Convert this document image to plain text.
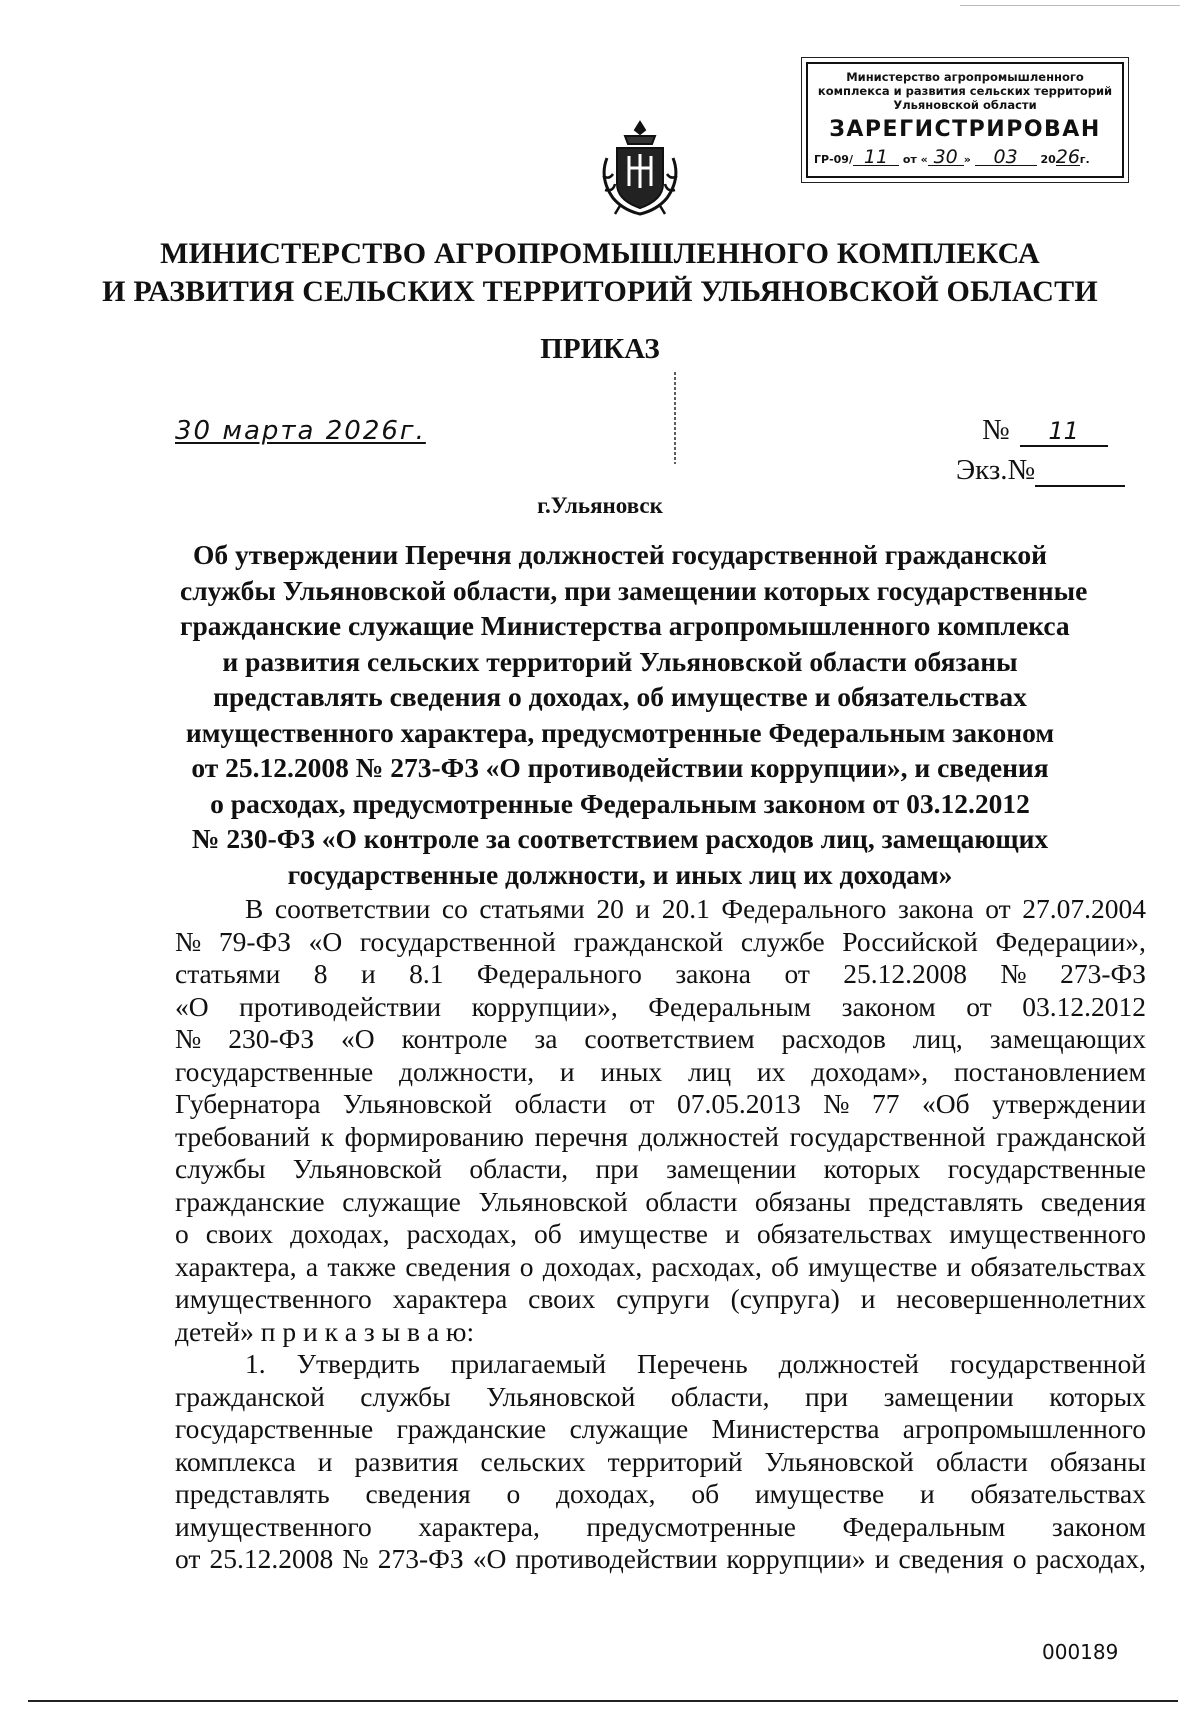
Министерство агропромышленного
комплекса и развития сельских территорий
Ульяновской области
ЗАРЕГИСТРИРОВАН
ГР-09/ 11 от « 30 » 03 2026г.
МИНИСТЕРСТВО АГРОПРОМЫШЛЕННОГО КОМПЛЕКСА
И РАЗВИТИЯ СЕЛЬСКИХ ТЕРРИТОРИЙ УЛЬЯНОВСКОЙ ОБЛАСТИ
ПРИКАЗ
30 марта 2026г.	№ 11
Экз.№
г.Ульяновск
Об утверждении Перечня должностей государственной гражданской
службы Ульяновской области, при замещении которых государственные
гражданские служащие Министерства агропромышленного комплекса
и развития сельских территорий Ульяновской области обязаны
представлять сведения о доходах, об имуществе и обязательствах
имущественного характера, предусмотренные Федеральным законом
от 25.12.2008 № 273-ФЗ «О противодействии коррупции», и сведения
о расходах, предусмотренные Федеральным законом от 03.12.2012
№ 230-ФЗ «О контроле за соответствием расходов лиц, замещающих
государственные должности, и иных лиц их доходам»
В соответствии со статьями 20 и 20.1 Федерального закона от 27.07.2004
№ 79-ФЗ «О государственной гражданской службе Российской Федерации»,
статьями 8 и 8.1 Федерального закона от 25.12.2008 № 273-ФЗ
«О противодействии коррупции», Федеральным законом от 03.12.2012
№ 230-ФЗ «О контроле за соответствием расходов лиц, замещающих
государственные должности, и иных лиц их доходам», постановлением
Губернатора Ульяновской области от 07.05.2013 № 77 «Об утверждении
требований к формированию перечня должностей государственной гражданской
службы Ульяновской области, при замещении которых государственные
гражданские служащие Ульяновской области обязаны представлять сведения
о своих доходах, расходах, об имуществе и обязательствах имущественного
характера, а также сведения о доходах, расходах, об имуществе и обязательствах
имущественного характера своих супруги (супруга) и несовершеннолетних
детей» п р и к а з ы в а ю:
1. Утвердить прилагаемый Перечень должностей государственной
гражданской службы Ульяновской области, при замещении которых
государственные гражданские служащие Министерства агропромышленного
комплекса и развития сельских территорий Ульяновской области обязаны
представлять сведения о доходах, об имуществе и обязательствах
имущественного характера, предусмотренные Федеральным законом
от 25.12.2008 № 273-ФЗ «О противодействии коррупции» и сведения о расходах,
000189
